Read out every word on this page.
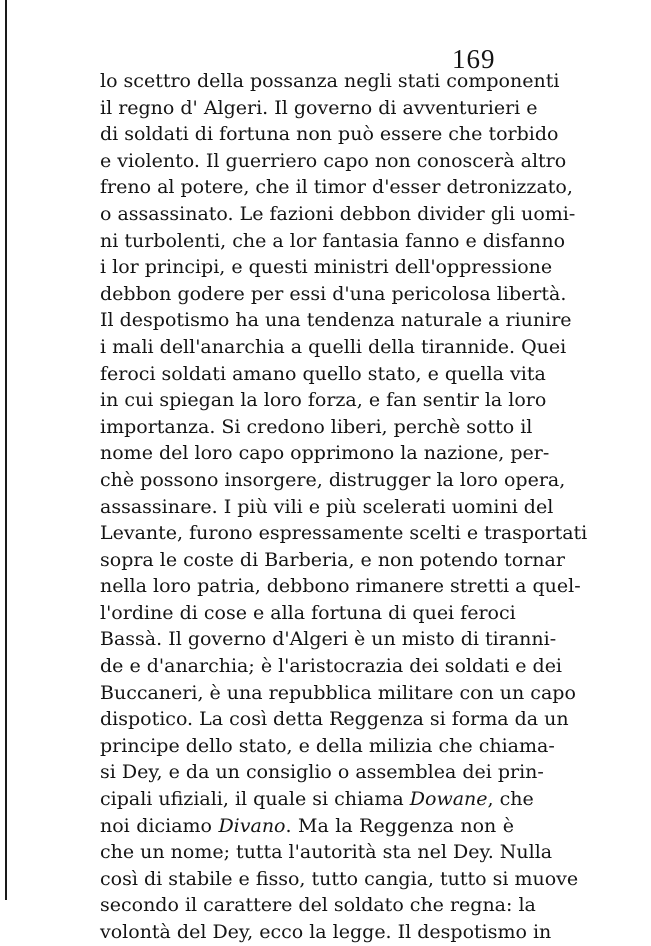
169
lo scettro della possanza negli stati componenti
il regno d' Algeri. Il governo di avventurieri e
di soldati di fortuna non può essere che torbido
e violento. Il guerriero capo non conoscerà altro
freno al potere, che il timor d'esser detronizzato,
o assassinato. Le fazioni debbon divider gli uomi-
ni turbolenti, che a lor fantasia fanno e disfanno
i lor principi, e questi ministri dell'oppressione
debbon godere per essi d'una pericolosa libertà.
Il despotismo ha una tendenza naturale a riunire
i mali dell'anarchia a quelli della tirannide. Quei
feroci soldati amano quello stato, e quella vita
in cui spiegan la loro forza, e fan sentir la loro
importanza. Si credono liberi, perchè sotto il
nome del loro capo opprimono la nazione, per-
chè possono insorgere, distrugger la loro opera,
assassinare. I più vili e più scelerati uomini del
Levante, furono espressamente scelti e trasportati
sopra le coste di Barberia, e non potendo tornar
nella loro patria, debbono rimanere stretti a quel-
l'ordine di cose e alla fortuna di quei feroci
Bassà. Il governo d'Algeri è un misto di tiranni-
de e d'anarchia; è l'aristocrazia dei soldati e dei
Buccaneri, è una repubblica militare con un capo
dispotico. La così detta Reggenza si forma da un
principe dello stato, e della milizia che chiama-
si Dey, e da un consiglio o assemblea dei prin-
cipali ufiziali, il quale si chiama Dowane, che
noi diciamo Divano. Ma la Reggenza non è
che un nome; tutta l'autorità sta nel Dey. Nulla
così di stabile e fisso, tutto cangia, tutto si muove
secondo il carattere del soldato che regna: la
volontà del Dey, ecco la legge. Il despotismo in
